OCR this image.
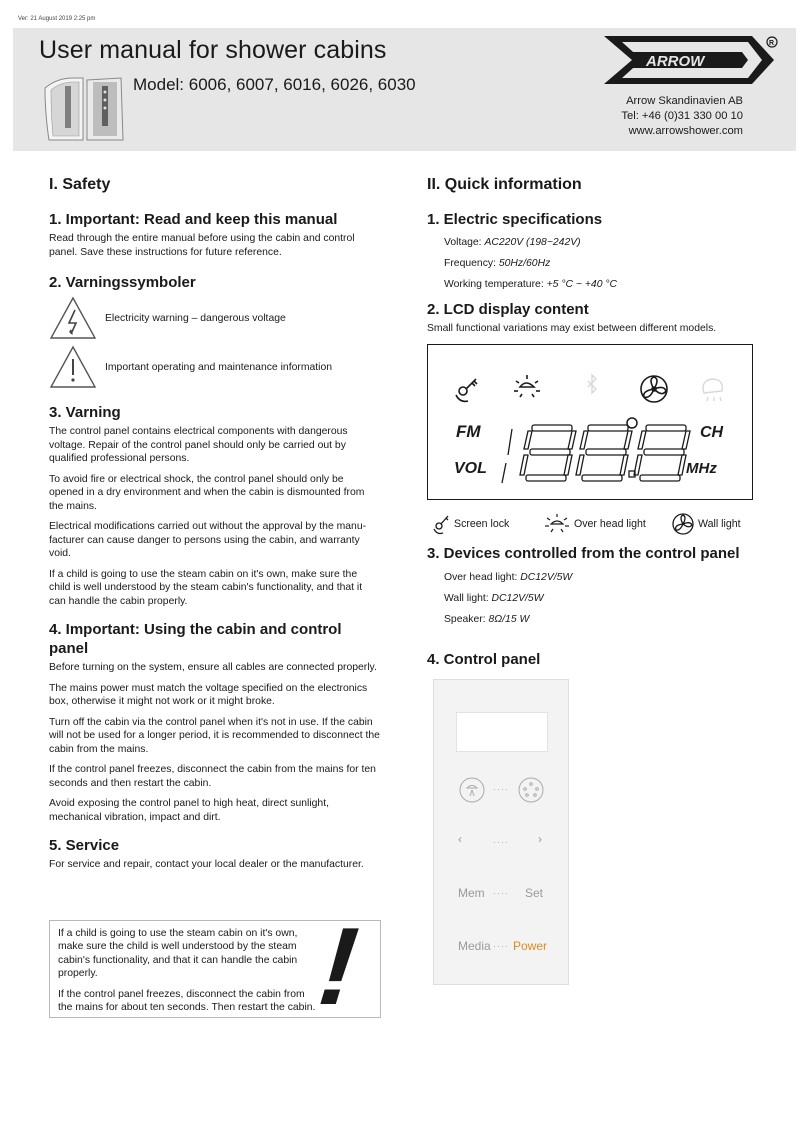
Ver: 21 August 2019 2:25 pm
User manual for shower cabins
Model: 6006, 6007, 6016, 6026, 6030
ARROW
R
Arrow Skandinavien AB
Tel: +46 (0)31 330 00 10
www.arrowshower.com
I. Safety
1. Important: Read and keep this manual

Read through the entire manual before using the cabin and control panel. Save these instructions for future reference.

2. Varningssymboler
Electricity warning – dangerous voltage
Important operating and maintenance information
3. Varning

The control panel contains electrical components with dangerous voltage. Repair of the control panel should only be carried out by qualified professional persons.

To avoid fire or electrical shock, the control panel should only be opened in a dry environment and when the cabin is dismounted from the mains.

Electrical modifications carried out without the approval by the manufacturer can cause danger to persons using the cabin, and warranty void.

If a child is going to use the steam cabin on it's own, make sure the child is well understood by the steam cabin's functionality, and that it can handle the cabin properly.

4. Important: Using the cabin and control panel

Before turning on the system, ensure all cables are connected properly.

The mains power must match the voltage specified on the electronics box, otherwise it might not work or it might broke.

Turn off the cabin via the control panel when it's not in use. If the cabin will not be used for a longer period, it is recommended to disconnect the cabin from the mains.

If the control panel freezes, disconnect the cabin from the mains for ten seconds and then restart the cabin.

Avoid exposing the control panel to high heat, direct sunlight, mechanical vibration, impact and dirt.

5. Service

For service and repair, contact your local dealer or the manufacturer.

If a child is going to use the steam cabin on it's own, make sure the child is well understood by the steam cabin's functionality, and that it can handle the cabin properly.

If the control panel freezes, disconnect the cabin from the mains for about ten seconds. Then restart the cabin.

!
II. Quick information
1. Electric specifications
Voltage: AC220V (198~242V)
Frequency: 50Hz/60Hz
Working temperature: +5 °C ~ +40 °C
2. LCD display content

Small functional variations may exist between different models.

FM
VOL
CH
MHz
18.8
Screen lock	Over head light	Wall light
3. Devices controlled from the control panel
Over head light: DC12V/5W
Wall light: DC12V/5W
Speaker: 8Ω/15 W
4. Control panel
····
‹	···· ›
Mem ···· Set
Media ···· Power
